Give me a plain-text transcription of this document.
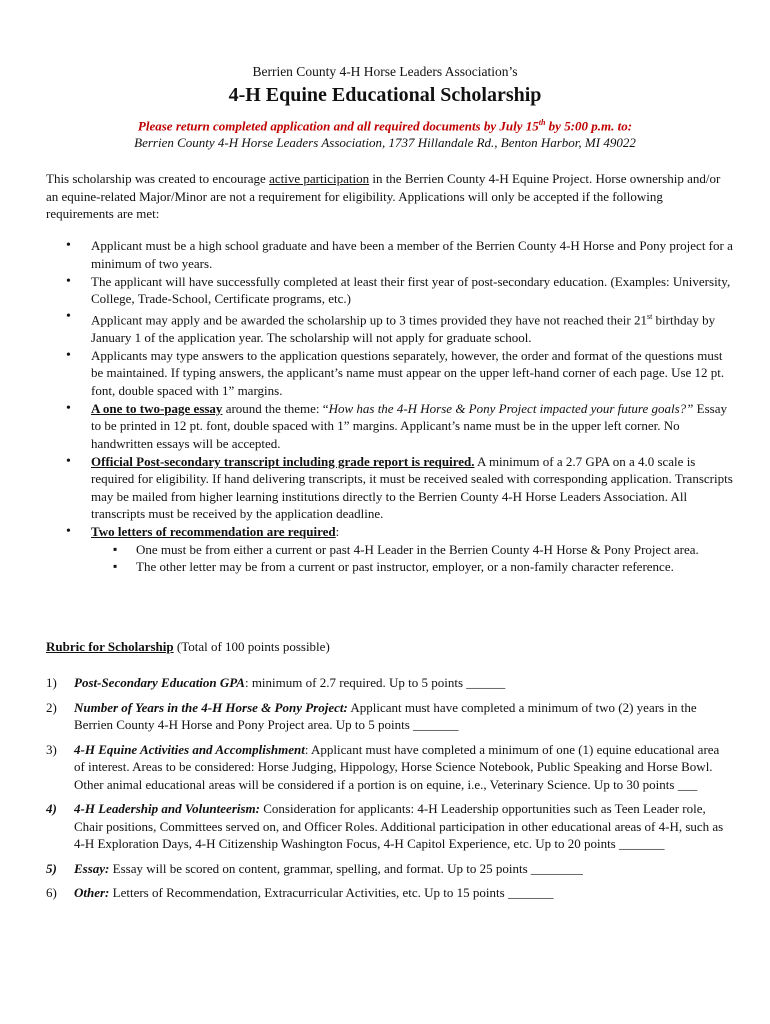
Berrien County 4-H Horse Leaders Association’s
4-H Equine Educational Scholarship
Please return completed application and all required documents by July 15th by 5:00 p.m. to:
Berrien County 4-H Horse Leaders Association, 1737 Hillandale Rd., Benton Harbor, MI 49022

This scholarship was created to encourage active participation in the Berrien County 4-H Equine Project. Horse ownership and/or an equine-related Major/Minor are not a requirement for eligibility. Applications will only be accepted if the following requirements are met:

• Applicant must be a high school graduate and have been a member of the Berrien County 4-H Horse and Pony project for a minimum of two years.
• The applicant will have successfully completed at least their first year of post-secondary education. (Examples: University, College, Trade-School, Certificate programs, etc.)
• Applicant may apply and be awarded the scholarship up to 3 times provided they have not reached their 21st birthday by January 1 of the application year. The scholarship will not apply for graduate school.
• Applicants may type answers to the application questions separately, however, the order and format of the questions must be maintained. If typing answers, the applicant’s name must appear on the upper left-hand corner of each page. Use 12 pt. font, double spaced with 1” margins.
• A one to two-page essay around the theme: “How has the 4-H Horse & Pony Project impacted your future goals?” Essay to be printed in 12 pt. font, double spaced with 1” margins. Applicant’s name must be in the upper left corner. No handwritten essays will be accepted.
• Official Post-secondary transcript including grade report is required. A minimum of a 2.7 GPA on a 4.0 scale is required for eligibility. If hand delivering transcripts, it must be received sealed with corresponding application. Transcripts may be mailed from higher learning institutions directly to the Berrien County 4-H Horse Leaders Association. All transcripts must be received by the application deadline.
• Two letters of recommendation are required:
▪ One must be from either a current or past 4-H Leader in the Berrien County 4-H Horse & Pony Project area.
▪ The other letter may be from a current or past instructor, employer, or a non-family character reference.
Rubric for Scholarship (Total of 100 points possible)
1) Post-Secondary Education GPA: minimum of 2.7 required. Up to 5 points ______
2) Number of Years in the 4-H Horse & Pony Project: Applicant must have completed a minimum of two (2) years in the Berrien County 4-H Horse and Pony Project area. Up to 5 points _______
3) 4-H Equine Activities and Accomplishment: Applicant must have completed a minimum of one (1) equine educational area of interest. Areas to be considered: Horse Judging, Hippology, Horse Science Notebook, Public Speaking and Horse Bowl. Other animal educational areas will be considered if a portion is on equine, i.e., Veterinary Science. Up to 30 points ___
4) 4-H Leadership and Volunteerism: Consideration for applicants: 4-H Leadership opportunities such as Teen Leader role, Chair positions, Committees served on, and Officer Roles. Additional participation in other educational areas of 4-H, such as 4-H Exploration Days, 4-H Citizenship Washington Focus, 4-H Capitol Experience, etc. Up to 20 points _______
5) Essay: Essay will be scored on content, grammar, spelling, and format. Up to 25 points ________
6) Other: Letters of Recommendation, Extracurricular Activities, etc. Up to 15 points _______
